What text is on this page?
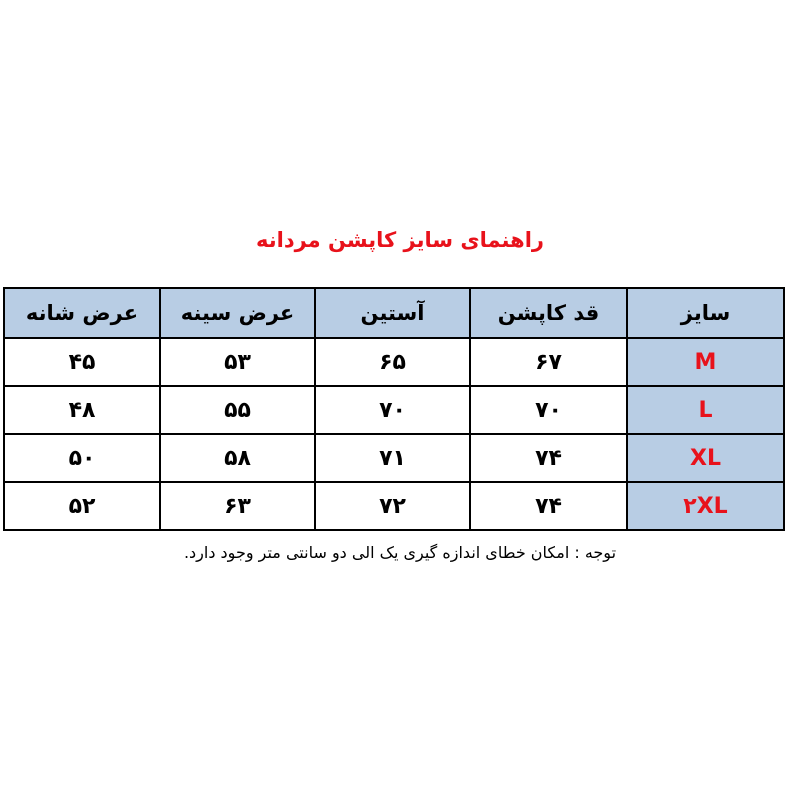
راهنمای سایز کاپشن مردانه
سایز	قد کاپشن	آستین	عرض سینه	عرض شانه
M	۶۷	۶۵	۵۳	۴۵
L	۷۰	۷۰	۵۵	۴۸
XL	۷۴	۷۱	۵۸	۵۰
۲XL	۷۴	۷۲	۶۳	۵۲
توجه : امکان خطای اندازه گیری یک الی دو سانتی متر وجود دارد.
